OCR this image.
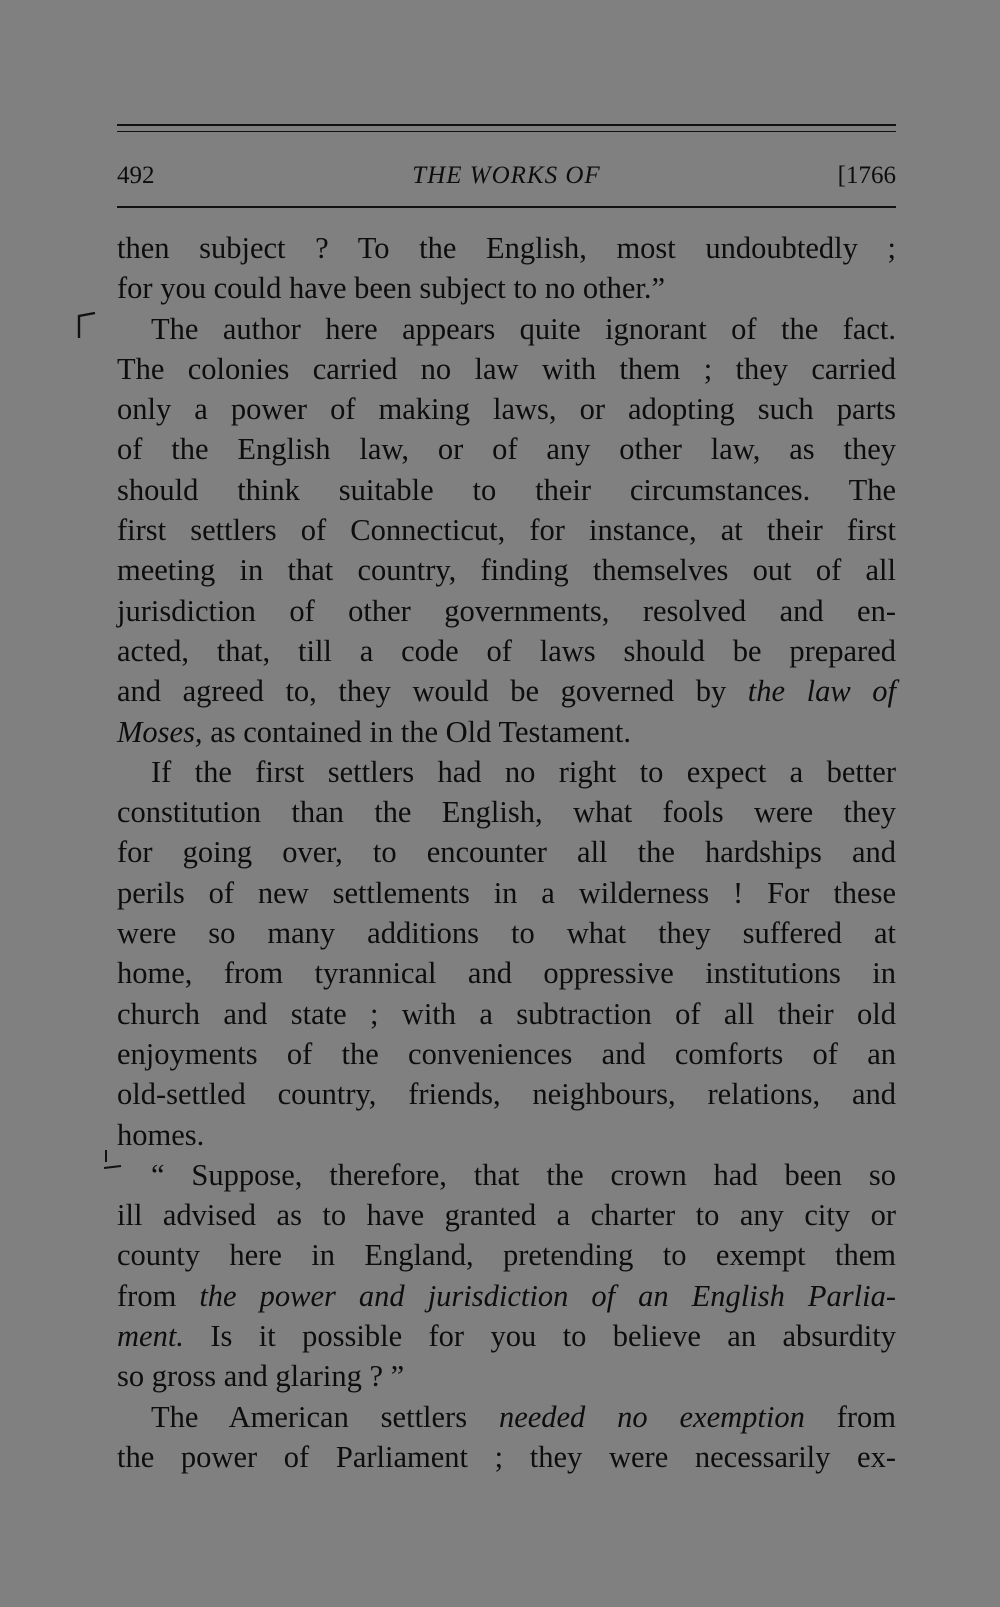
492	THE WORKS OF	[1766
then subject ? To the English, most undoubtedly ;
for you could have been subject to no other.”
The author here appears quite ignorant of the fact.
The colonies carried no law with them ; they carried
only a power of making laws, or adopting such parts
of the English law, or of any other law, as they
should think suitable to their circumstances. The
first settlers of Connecticut, for instance, at their first
meeting in that country, finding themselves out of all
jurisdiction of other governments, resolved and en-
acted, that, till a code of laws should be prepared
and agreed to, they would be governed by the law of
Moses, as contained in the Old Testament.
If the first settlers had no right to expect a better
constitution than the English, what fools were they
for going over, to encounter all the hardships and
perils of new settlements in a wilderness ! For these
were so many additions to what they suffered at
home, from tyrannical and oppressive institutions in
church and state ; with a subtraction of all their old
enjoyments of the conveniences and comforts of an
old-settled country, friends, neighbours, relations, and
homes.
“ Suppose, therefore, that the crown had been so
ill advised as to have granted a charter to any city or
county here in England, pretending to exempt them
from the power and jurisdiction of an English Parlia-
ment. Is it possible for you to believe an absurdity
so gross and glaring ? ”
The American settlers needed no exemption from
the power of Parliament ; they were necessarily ex-
